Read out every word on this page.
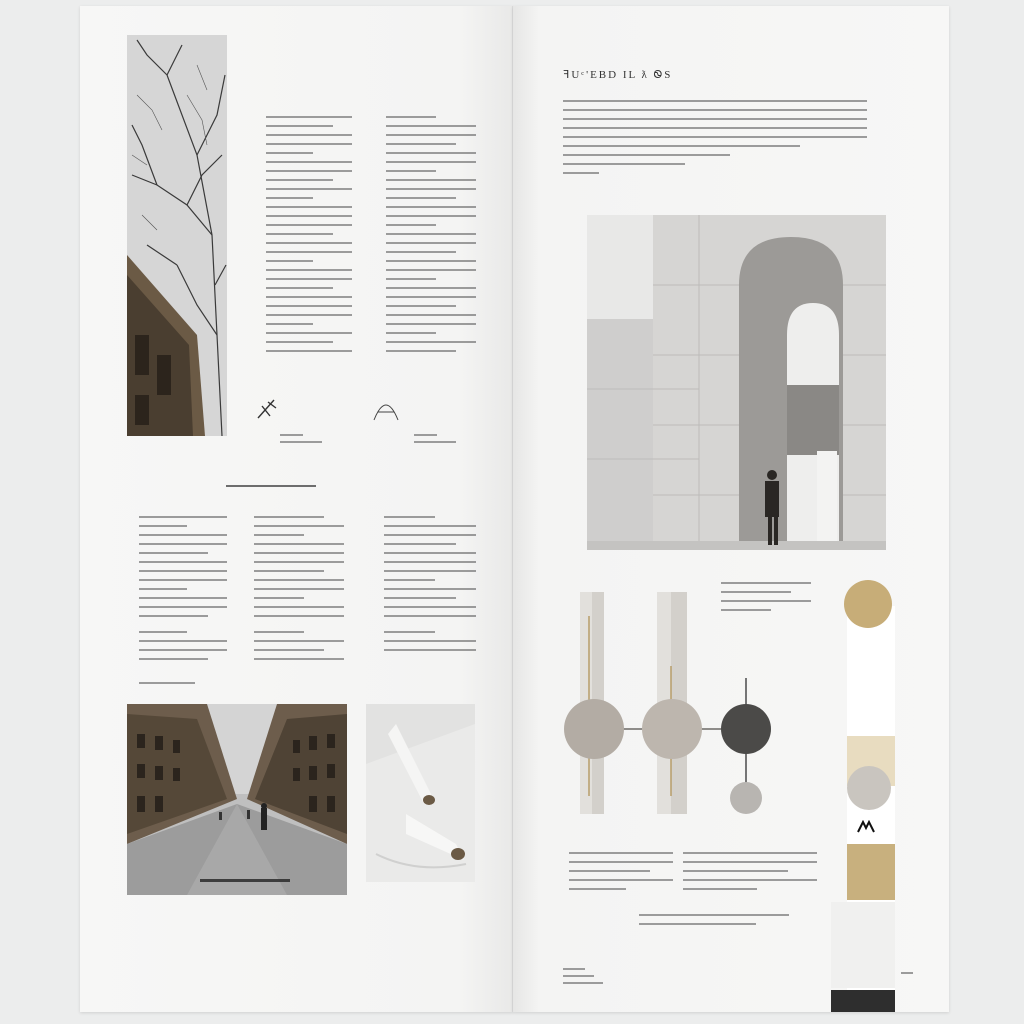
ꟻUᶜ'EBD IL ƛ ᏫS
